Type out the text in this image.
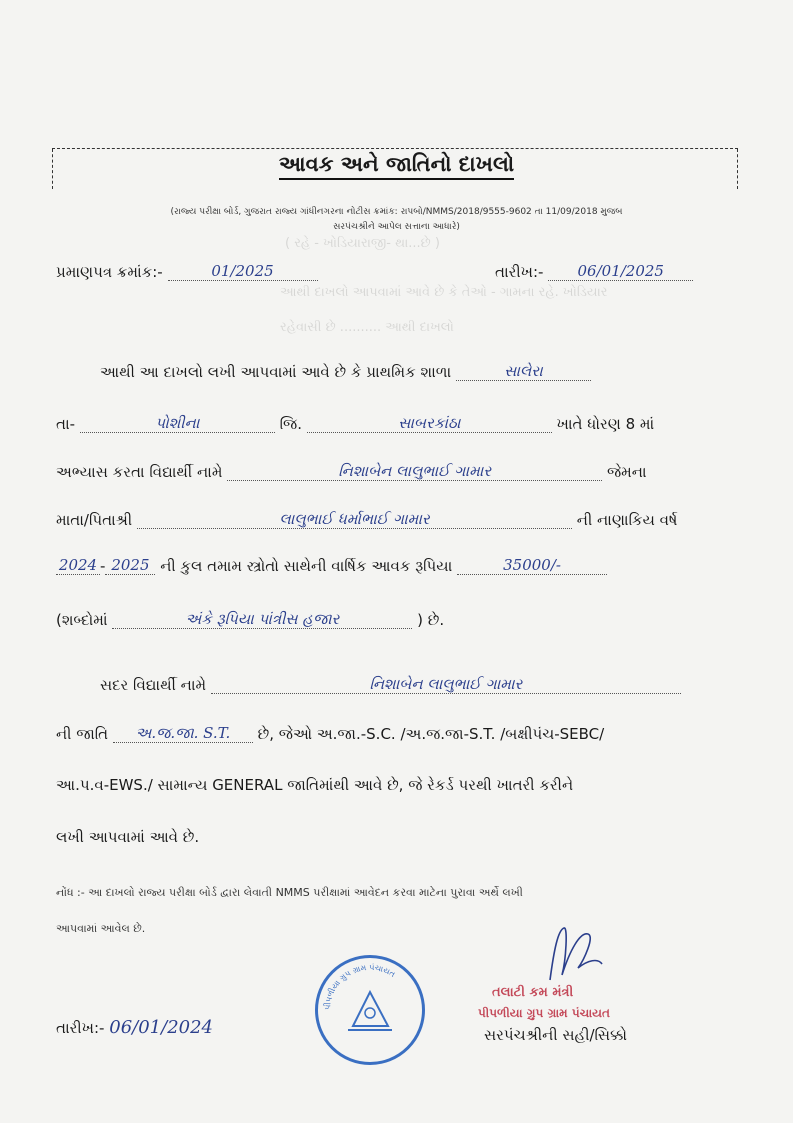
( રહે - ખોડિયારાજી- થા...છે )
આથી દાખલો આપવામાં આવે છે કે તેઓ - ગામના રહે. ખોડિયાર
રહેવાસી છે .......... આથી દાખલો
આવક અને જાતિનો દાખલો
(રાજ્ય પરીક્ષા બોર્ડ, ગુજરાત રાજ્ય ગાંધીનગરના નોટીસ ક્રમાંક: રાપબો/NMMS/2018/9555-9602 તા 11/09/2018 મુજબ
સરપંચશ્રીને આપેલ સત્તાના આધારે)
પ્રમાણપત્ર ક્રમાંક:-	01/2025	તારીખ:- 06/01/2025
આથી આ દાખલો લખી આપવામાં આવે છે કે પ્રાથમિક શાળા	સાલેરા
તા-	પોશીના	જિ.	સાબરકાંઠા	ખાતે ધોરણ 8 માં
અભ્યાસ કરતા વિદ્યાર્થી નામે	નિશાબેન લાલુભાઈ ગામાર	જેમના
માતા/પિતાશ્રી	લાલુભાઈ ધર્માભાઈ ગામાર	ની નાણાકિય વર્ષ
2024 - 2025 ની કુલ તમામ સ્ત્રોતો સાથેની વાર્ષિક આવક રૂપિયા	35000/-
(શબ્દોમાં	અંકે રૂપિયા પાંત્રીસ હજાર	) છે.
સદર વિદ્યાર્થી નામે	નિશાબેન લાલુભાઈ ગામાર
ની જાતિ અ.જ.જા. S.T. છે, જેઓ અ.જા.-S.C. /અ.જ.જા-S.T. /બક્ષીપંચ-SEBC/
આ.પ.વ-EWS./ સામાન્ય GENERAL જાતિમાંથી આવે છે, જે રેકર્ડ પરથી ખાતરી કરીને
લખી આપવામાં આવે છે.
નોંધ :- આ દાખલો રાજ્ય પરીક્ષા બોર્ડ દ્વારા લેવાતી NMMS પરીક્ષામાં આવેદન કરવા માટેના પુરાવા અર્થે લખી
આપવામાં આવેલ છે.
તારીખ:- 06/01/2024
પીપળીયા ગ્રુપ ગ્રામ પંચાયત
તલાટી કમ મંત્રી
પીપળીયા ગ્રુપ ગ્રામ પંચાયત
સરપંચશ્રીની સહી/સિક્કો
